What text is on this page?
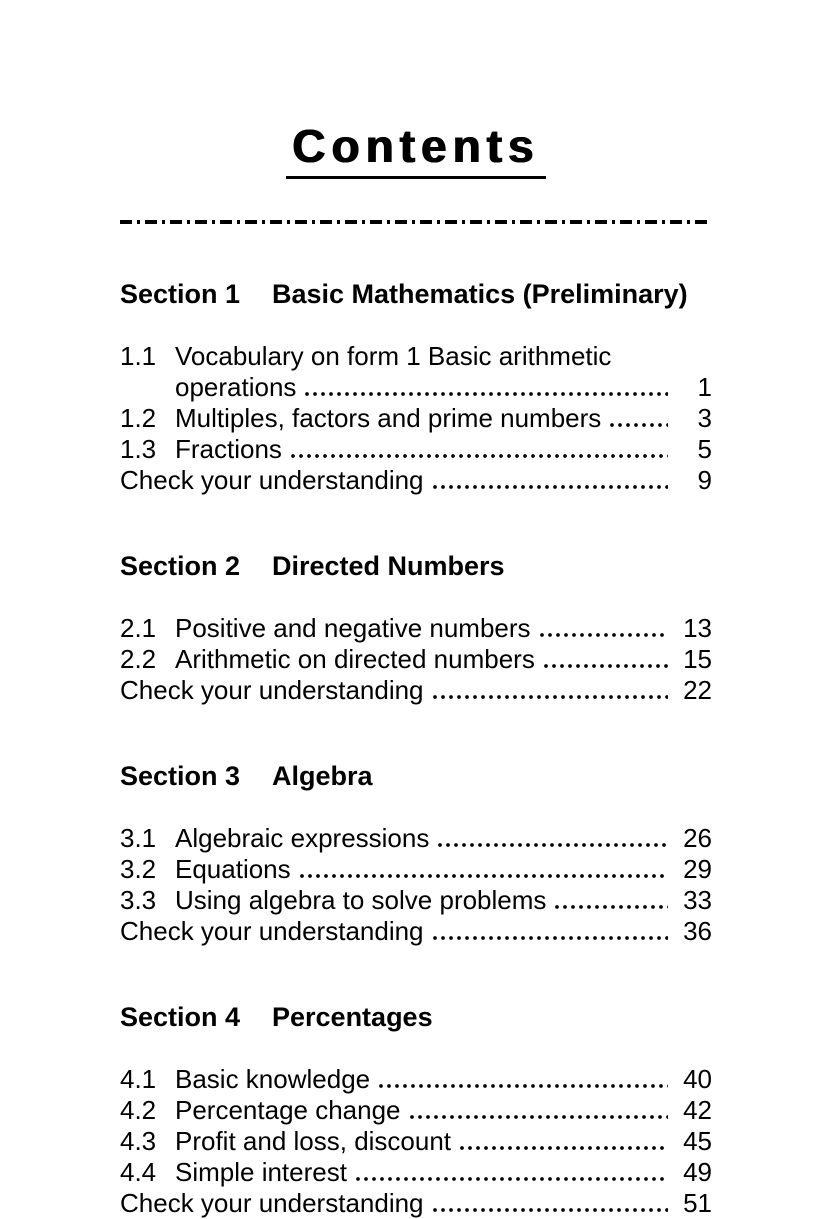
Contents
Section 1	Basic Mathematics (Preliminary)
1.1 Vocabulary on form 1 Basic arithmetic
operations	1
1.2 Multiples, factors and prime numbers	3
1.3 Fractions	5
Check your understanding	9
Section 2	Directed Numbers
2.1 Positive and negative numbers	13
2.2 Arithmetic on directed numbers	15
Check your understanding	22
Section 3	Algebra
3.1 Algebraic expressions	26
3.2 Equations	29
3.3 Using algebra to solve problems	33
Check your understanding	36
Section 4	Percentages
4.1 Basic knowledge	40
4.2 Percentage change	42
4.3 Profit and loss, discount	45
4.4 Simple interest	49
Check your understanding	51
